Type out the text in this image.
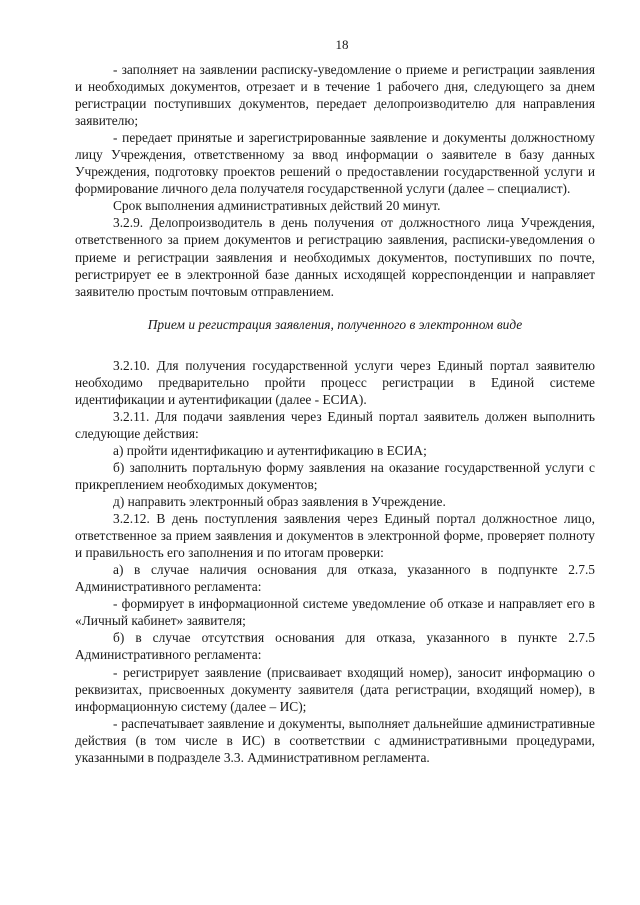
18

- заполняет на заявлении расписку-уведомление о приеме и регистрации заявления и необходимых документов, отрезает и в течение 1 рабочего дня, следующего за днем регистрации поступивших документов, передает делопроизводителю для направления заявителю;

- передает принятые и зарегистрированные заявление и документы должностному лицу Учреждения, ответственному за ввод информации о заявителе в базу данных Учреждения, подготовку проектов решений о предоставлении государственной услуги и формирование личного дела получателя государственной услуги (далее – специалист).

Срок выполнения административных действий 20 минут.

3.2.9. Делопроизводитель в день получения от должностного лица Учреждения, ответственного за прием документов и регистрацию заявления, расписки-уведомления о приеме и регистрации заявления и необходимых документов, поступивших по почте, регистрирует ее в электронной базе данных исходящей корреспонденции и направляет заявителю простым почтовым отправлением.

Прием и регистрация заявления, полученного в электронном виде

3.2.10. Для получения государственной услуги через Единый портал заявителю необходимо предварительно пройти процесс регистрации в Единой системе идентификации и аутентификации (далее - ЕСИА).

3.2.11. Для подачи заявления через Единый портал заявитель должен выполнить следующие действия:

а) пройти идентификацию и аутентификацию в ЕСИА;

б) заполнить портальную форму заявления на оказание государственной услуги с прикреплением необходимых документов;

д) направить электронный образ заявления в Учреждение.

3.2.12. В день поступления заявления через Единый портал должностное лицо, ответственное за прием заявления и документов в электронной форме, проверяет полноту и правильность его заполнения и по итогам проверки:

а) в случае наличия основания для отказа, указанного в подпункте 2.7.5 Административного регламента:

- формирует в информационной системе уведомление об отказе и направляет его в «Личный кабинет» заявителя;

б) в случае отсутствия основания для отказа, указанного в пункте 2.7.5 Административного регламента:

- регистрирует заявление (присваивает входящий номер), заносит информацию о реквизитах, присвоенных документу заявителя (дата регистрации, входящий номер), в информационную систему (далее – ИС);

- распечатывает заявление и документы, выполняет дальнейшие административные действия (в том числе в ИС) в соответствии с административными процедурами, указанными в подразделе 3.3. Административном регламента.
